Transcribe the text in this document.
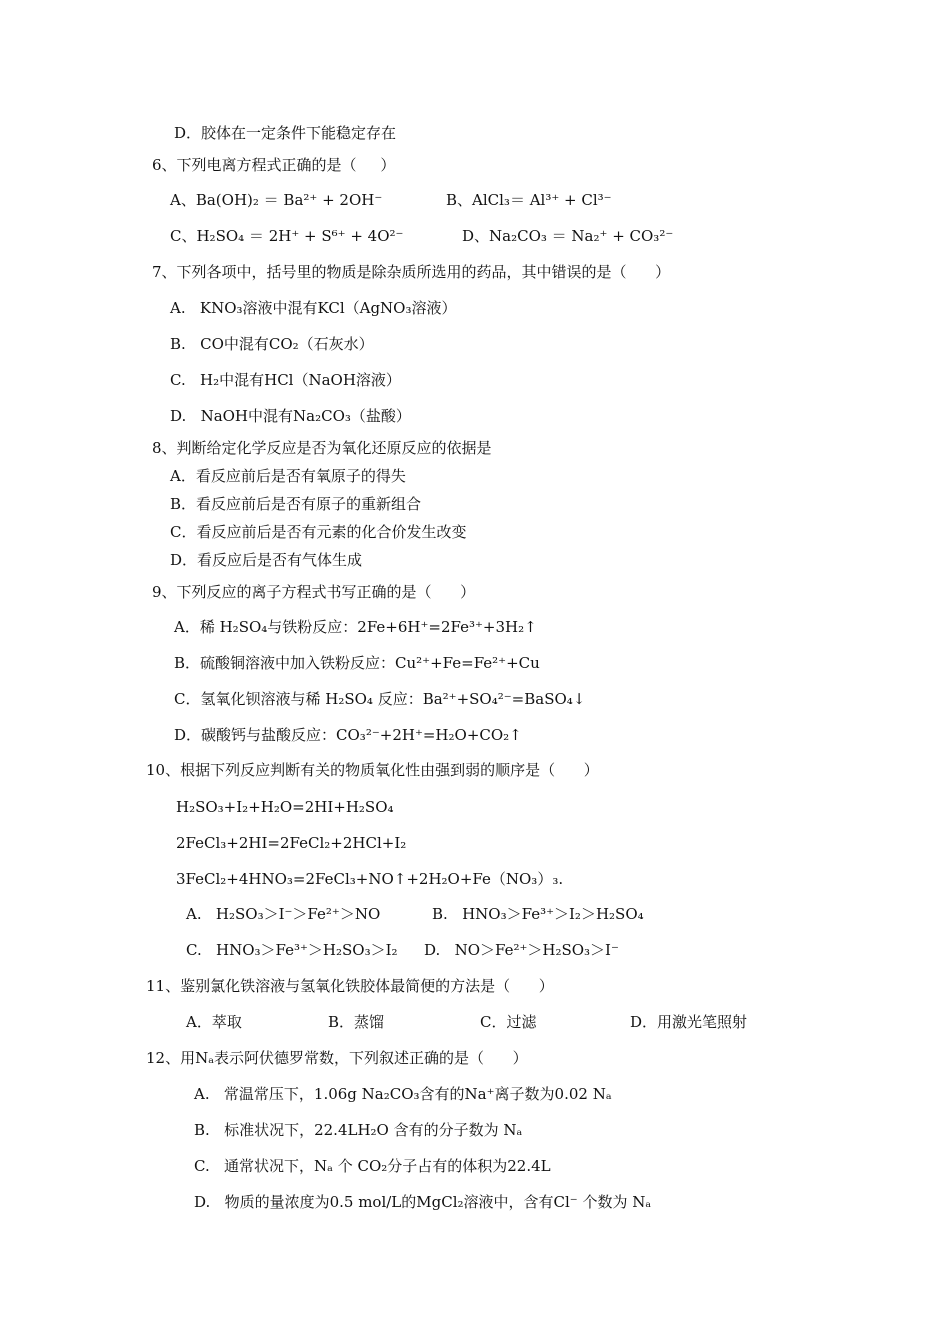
D．胶体在一定条件下能稳定存在
6、下列电离方程式正确的是（     ）
A、Ba(OH)₂ ＝ Ba²⁺ + 2OH⁻	B、AlCl₃＝ Al³⁺ + Cl³⁻
C、H₂SO₄ ＝ 2H⁺ + S⁶⁺ + 4O²⁻	D、Na₂CO₃ ＝ Na₂⁺ + CO₃²⁻
7、下列各项中，括号里的物质是除杂质所选用的药品，其中错误的是（      ）
A.   KNO₃溶液中混有KCl（AgNO₃溶液）
B.   CO中混有CO₂（石灰水）
C.   H₂中混有HCl（NaOH溶液）
D.   NaOH中混有Na₂CO₃（盐酸）
8、判断给定化学反应是否为氧化还原反应的依据是
A．看反应前后是否有氧原子的得失
B．看反应前后是否有原子的重新组合
C．看反应前后是否有元素的化合价发生改变
D．看反应后是否有气体生成
9、下列反应的离子方程式书写正确的是（      ）
A．稀 H₂SO₄与铁粉反应：2Fe+6H⁺=2Fe³⁺+3H₂↑
B．硫酸铜溶液中加入铁粉反应：Cu²⁺+Fe=Fe²⁺+Cu
C．氢氧化钡溶液与稀 H₂SO₄ 反应：Ba²⁺+SO₄²⁻=BaSO₄↓
D．碳酸钙与盐酸反应：CO₃²⁻+2H⁺=H₂O+CO₂↑
10、根据下列反应判断有关的物质氧化性由强到弱的顺序是（      ）
H₂SO₃+I₂+H₂O=2HI+H₂SO₄
2FeCl₃+2HI=2FeCl₂+2HCl+I₂
3FeCl₂+4HNO₃=2FeCl₃+NO↑+2H₂O+Fe（NO₃）₃.
A.   H₂SO₃＞I⁻＞Fe²⁺＞NO	B.   HNO₃＞Fe³⁺＞I₂＞H₂SO₄
C.   HNO₃＞Fe³⁺＞H₂SO₃＞I₂ D.   NO＞Fe²⁺＞H₂SO₃＞I⁻
11、鉴别氯化铁溶液与氢氧化铁胶体最简便的方法是（      ）
A．萃取	B．蒸馏	C．过滤	D．用激光笔照射
12、用Nₐ表示阿伏德罗常数，下列叙述正确的是（      ）
A.   常温常压下，1.06g Na₂CO₃含有的Na⁺离子数为0.02 Nₐ
B.   标准状况下，22.4LH₂O 含有的分子数为 Nₐ
C.   通常状况下，Nₐ 个 CO₂分子占有的体积为22.4L
D.   物质的量浓度为0.5 mol/L的MgCl₂溶液中，含有Cl⁻ 个数为 Nₐ
